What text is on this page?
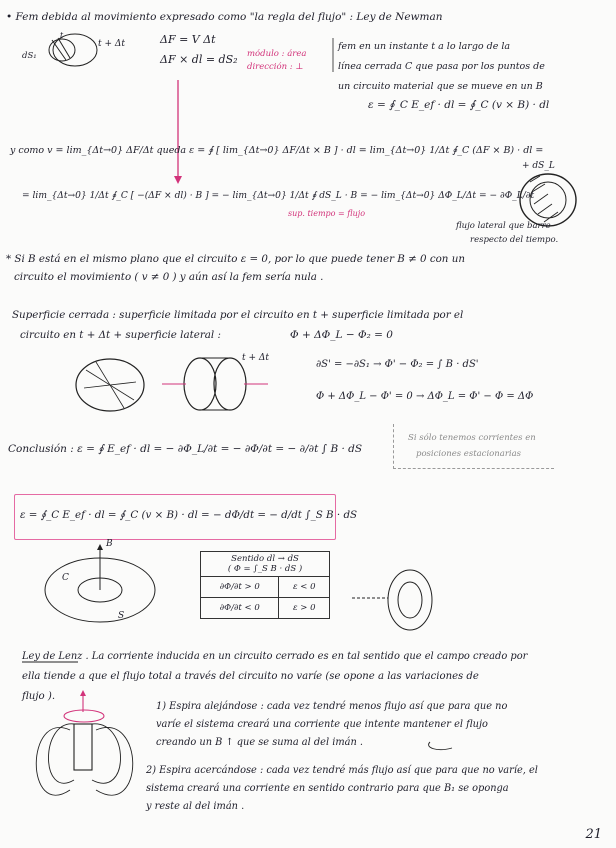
• Fem debida al movimiento expresado como "la regla del flujo" : Ley de Newman
t
t + Δt
dS₁
ΔF = V Δt
ΔF × dl = dS₂ módulo : área
dirección : ⊥
fem en un instante t a lo largo de la
línea cerrada C que pasa por los puntos de
un circuito material que se mueve en un B
ε = ∮_C E_ef · dl = ∮_C (v × B) · dl
y como v = lim_{Δt→0} ΔF/Δt queda ε = ∮ [ lim_{Δt→0} ΔF/Δt × B ] · dl = lim_{Δt→0} 1/Δt ∮_C (ΔF × B) · dl =
= lim_{Δt→0} 1/Δt ∮_C [ −(ΔF × dl) · B ] = − lim_{Δt→0} 1/Δt ∮ dS_L · B = − lim_{Δt→0} ΔΦ_L/Δt = − ∂Φ_L/∂t
sup. tiempo = flujo
+ dS_L
flujo lateral que barre
respecto del tiempo.
* Si B está en el mismo plano que el circuito ε = 0, por lo que puede tener B ≠ 0 con un
circuito el movimiento ( v ≠ 0 ) y aún así la fem sería nula .
Superficie cerrada : superficie limitada por el circuito en t + superficie limitada por el
circuito en t + Δt + superficie lateral :	Φ + ΔΦ_L − Φ₂ = 0
t + Δt
∂S' = −∂S₁ → Φ' − Φ₂ = ∫ B · dS'
Φ + ΔΦ_L − Φ' = 0 → ΔΦ_L = Φ' − Φ = ΔΦ
Conclusión : ε = ∮ E_ef · dl = − ∂Φ_L/∂t = − ∂Φ/∂t = − ∂/∂t ∫ B · dS
Si sólo tenemos corrientes en
posiciones estacionarias
ε = ∮_C E_ef · dl = ∮_C (v × B) · dl = − dΦ/dt = − d/dt ∫_S B · dS
Sentido dl → dS
( Φ = ∫_S B · dS )	

∂Φ/∂t > 0	ε < 0
∂Φ/∂t < 0	ε > 0
B
C
S
Ley de Lenz . La corriente inducida en un circuito cerrado es en tal sentido que el campo creado por
ella tiende a que el flujo total a través del circuito no varíe (se opone a las variaciones de
flujo ).
1) Espira alejándose : cada vez tendré menos flujo así que para que no
varíe el sistema creará una corriente que intente mantener el flujo
creando un B ↑ que se suma al del imán .
2) Espira acercándose : cada vez tendré más flujo así que para que no varíe, el
sistema creará una corriente en sentido contrario para que B₁ se oponga
y reste al del imán .
21
